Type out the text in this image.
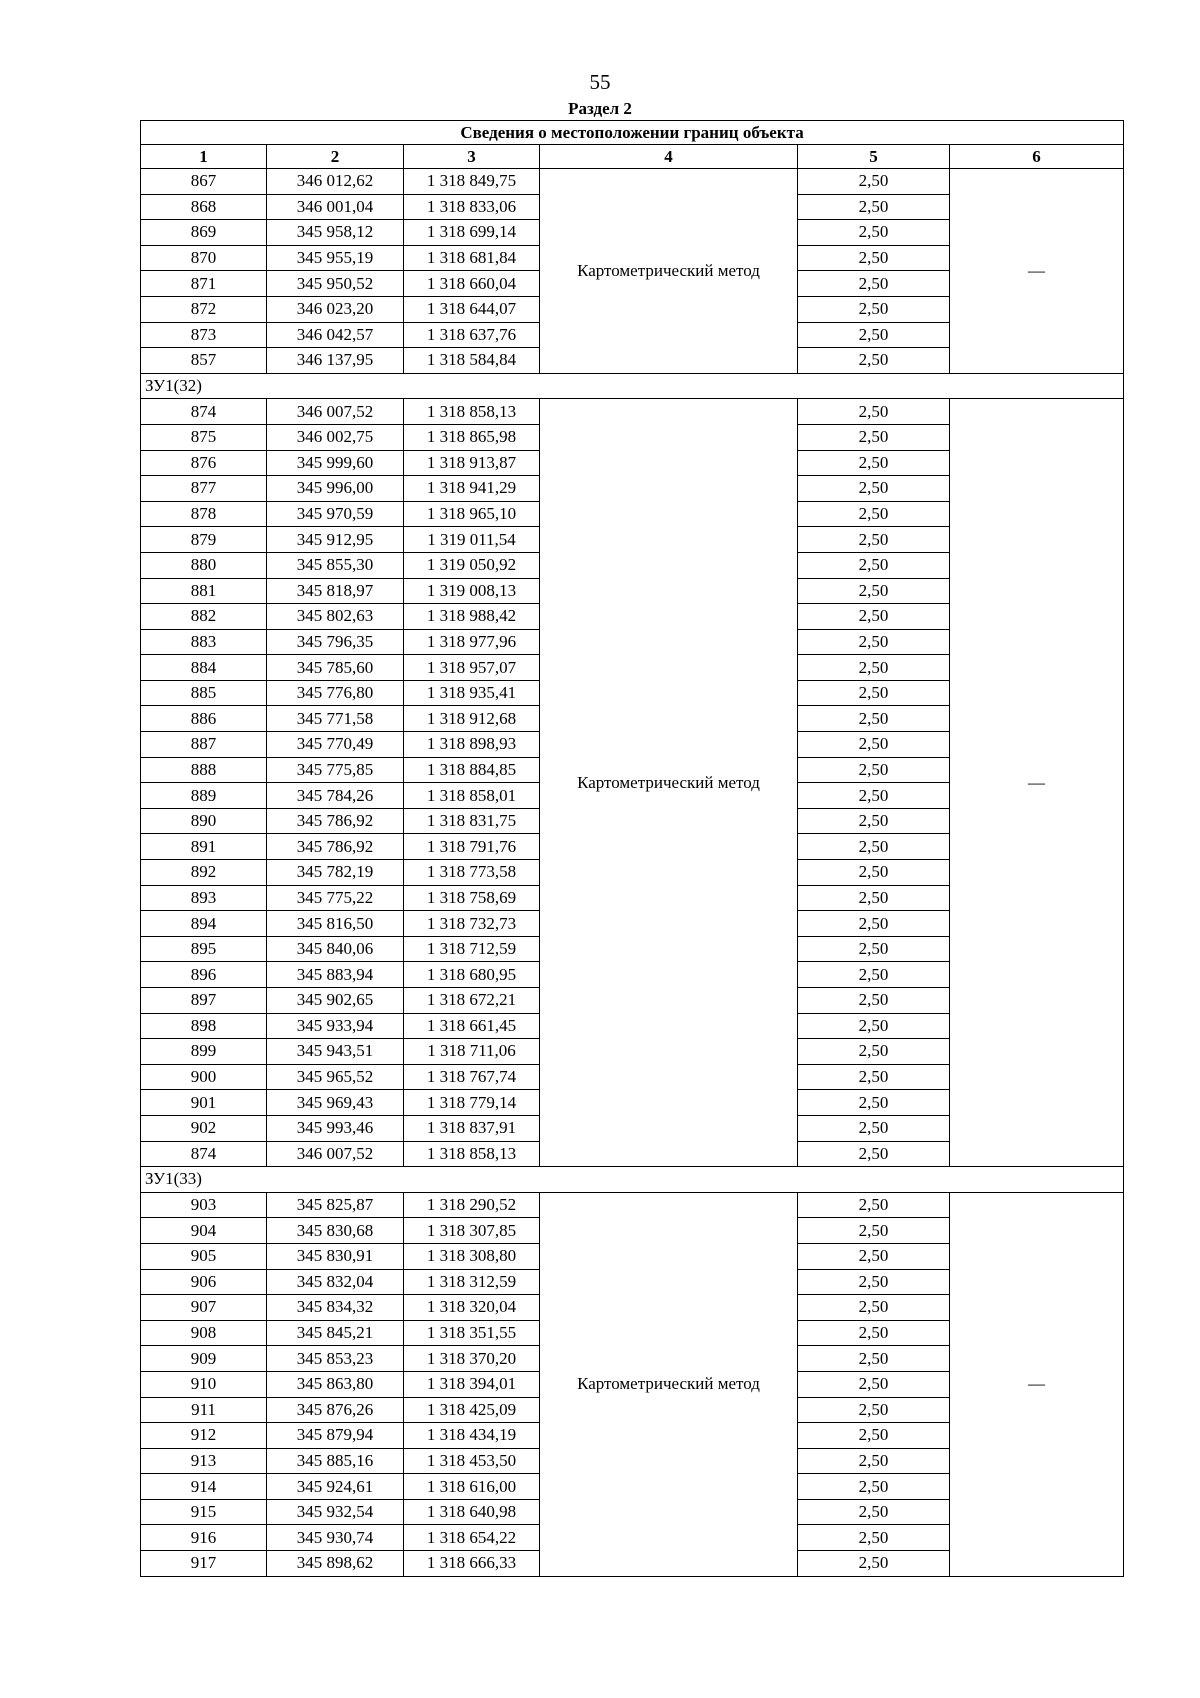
55
Раздел 2
Сведения о местоположении границ объекта					
1	2	3	4	5	6
867	346 012,62	1 318 849,75	Картометрический метод	2,50	—
868	346 001,04	1 318 833,06		2,50	
869	345 958,12	1 318 699,14		2,50	
870	345 955,19	1 318 681,84		2,50	
871	345 950,52	1 318 660,04		2,50	
872	346 023,20	1 318 644,07		2,50	
873	346 042,57	1 318 637,76		2,50	
857	346 137,95	1 318 584,84		2,50	
ЗУ1(32)					
874	346 007,52	1 318 858,13	Картометрический метод	2,50	—
875	346 002,75	1 318 865,98		2,50	
876	345 999,60	1 318 913,87		2,50	
877	345 996,00	1 318 941,29		2,50	
878	345 970,59	1 318 965,10		2,50	
879	345 912,95	1 319 011,54		2,50	
880	345 855,30	1 319 050,92		2,50	
881	345 818,97	1 319 008,13		2,50	
882	345 802,63	1 318 988,42		2,50	
883	345 796,35	1 318 977,96		2,50	
884	345 785,60	1 318 957,07		2,50	
885	345 776,80	1 318 935,41		2,50	
886	345 771,58	1 318 912,68		2,50	
887	345 770,49	1 318 898,93		2,50	
888	345 775,85	1 318 884,85		2,50	
889	345 784,26	1 318 858,01		2,50	
890	345 786,92	1 318 831,75		2,50	
891	345 786,92	1 318 791,76		2,50	
892	345 782,19	1 318 773,58		2,50	
893	345 775,22	1 318 758,69		2,50	
894	345 816,50	1 318 732,73		2,50	
895	345 840,06	1 318 712,59		2,50	
896	345 883,94	1 318 680,95		2,50	
897	345 902,65	1 318 672,21		2,50	
898	345 933,94	1 318 661,45		2,50	
899	345 943,51	1 318 711,06		2,50	
900	345 965,52	1 318 767,74		2,50	
901	345 969,43	1 318 779,14		2,50	
902	345 993,46	1 318 837,91		2,50	
874	346 007,52	1 318 858,13		2,50	
ЗУ1(33)					
903	345 825,87	1 318 290,52	Картометрический метод	2,50	—
904	345 830,68	1 318 307,85		2,50	
905	345 830,91	1 318 308,80		2,50	
906	345 832,04	1 318 312,59		2,50	
907	345 834,32	1 318 320,04		2,50	
908	345 845,21	1 318 351,55		2,50	
909	345 853,23	1 318 370,20		2,50	
910	345 863,80	1 318 394,01		2,50	
911	345 876,26	1 318 425,09		2,50	
912	345 879,94	1 318 434,19		2,50	
913	345 885,16	1 318 453,50		2,50	
914	345 924,61	1 318 616,00		2,50	
915	345 932,54	1 318 640,98		2,50	
916	345 930,74	1 318 654,22		2,50	
917	345 898,62	1 318 666,33		2,50	
